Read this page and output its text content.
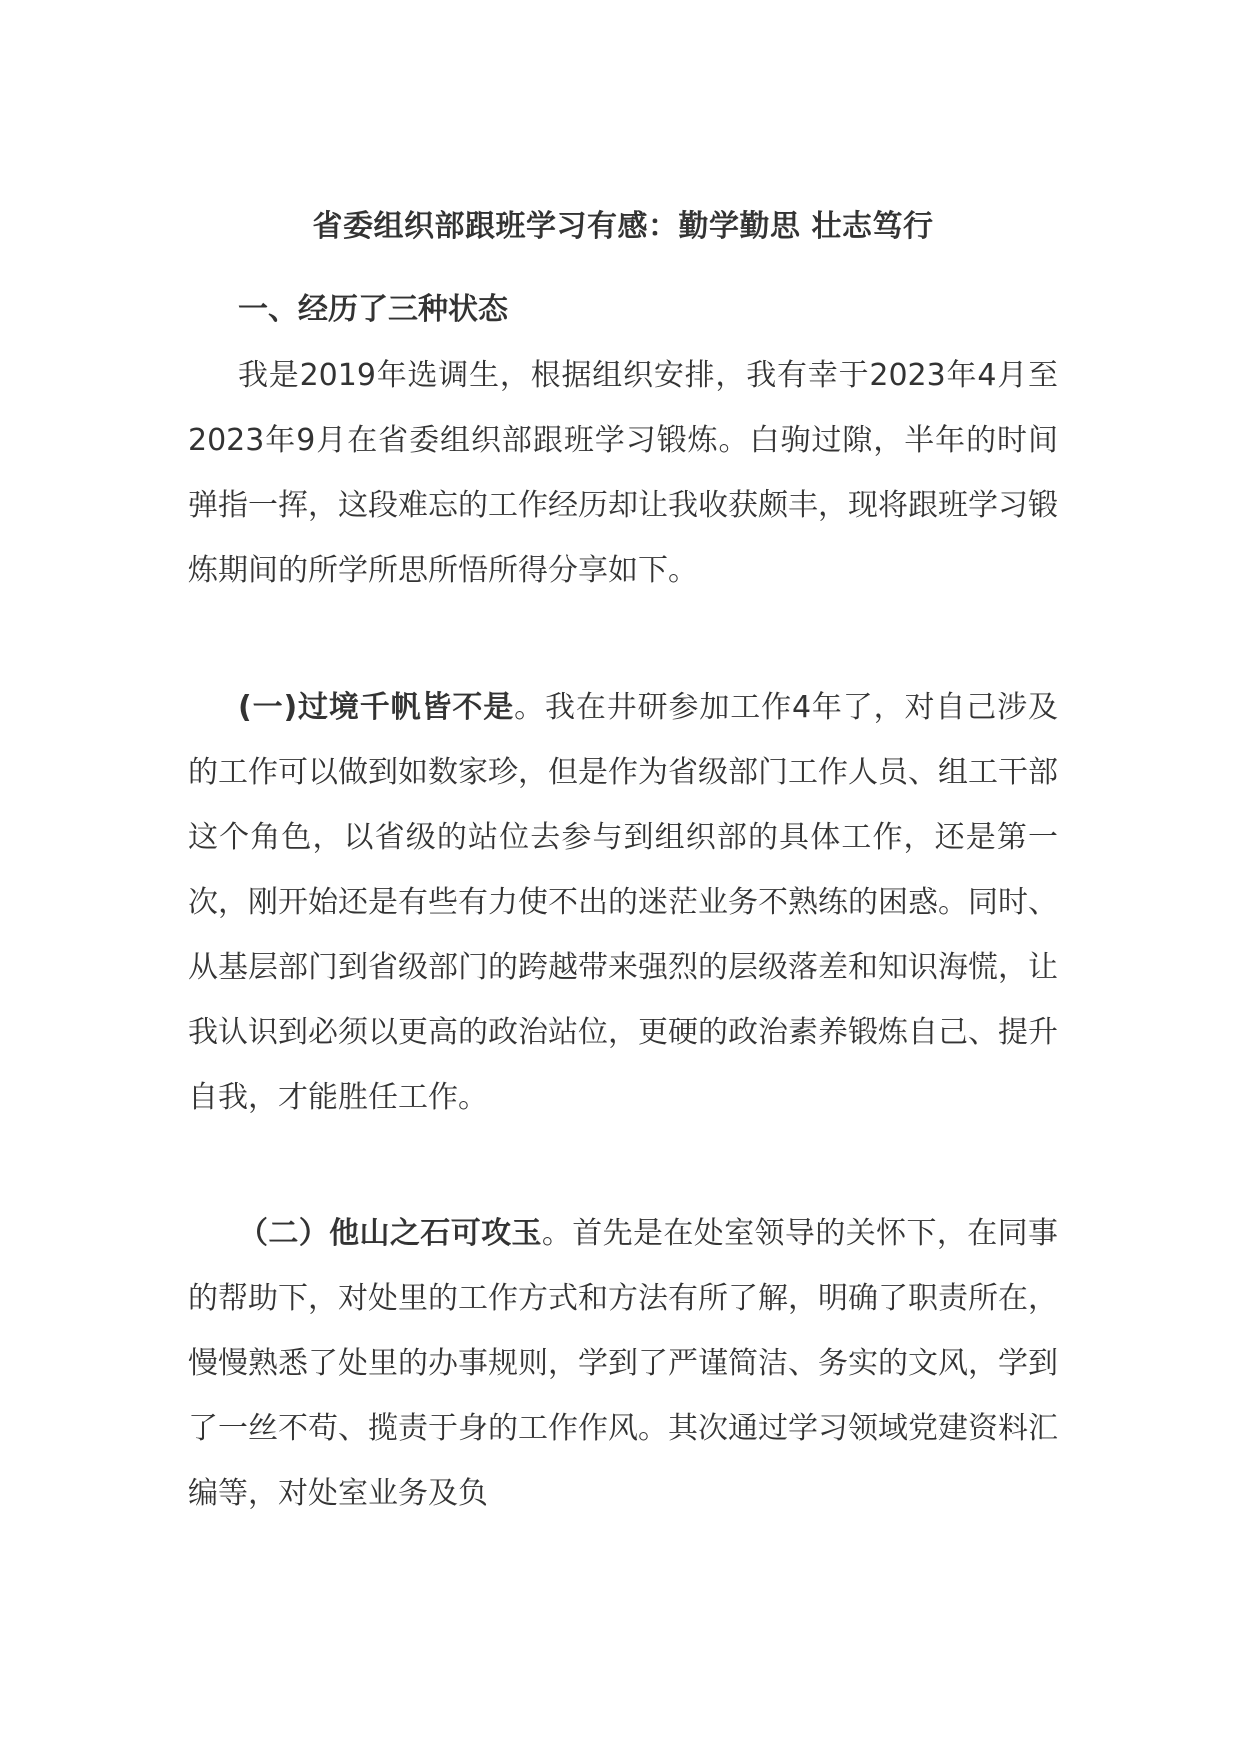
省委组织部跟班学习有感：勤学勤思 壮志笃行
一、经历了三种状态

我是2019年选调生，根据组织安排，我有幸于2023年4月至2023年9月在省委组织部跟班学习锻炼。白驹过隙，半年的时间弹指一挥，这段难忘的工作经历却让我收获颇丰，现将跟班学习锻炼期间的所学所思所悟所得分享如下。

(一)过境千帆皆不是。我在井研参加工作4年了，对自己涉及的工作可以做到如数家珍，但是作为省级部门工作人员、组工干部这个角色，以省级的站位去参与到组织部的具体工作，还是第一次，刚开始还是有些有力使不出的迷茫业务不熟练的困惑。同时、从基层部门到省级部门的跨越带来强烈的层级落差和知识海慌，让我认识到必须以更高的政治站位，更硬的政治素养锻炼自己、提升自我，才能胜任工作。

（二）他山之石可攻玉。首先是在处室领导的关怀下，在同事的帮助下，对处里的工作方式和方法有所了解，明确了职责所在，慢慢熟悉了处里的办事规则，学到了严谨简洁、务实的文风，学到了一丝不苟、揽责于身的工作作风。其次通过学习领域党建资料汇编等，对处室业务及负
